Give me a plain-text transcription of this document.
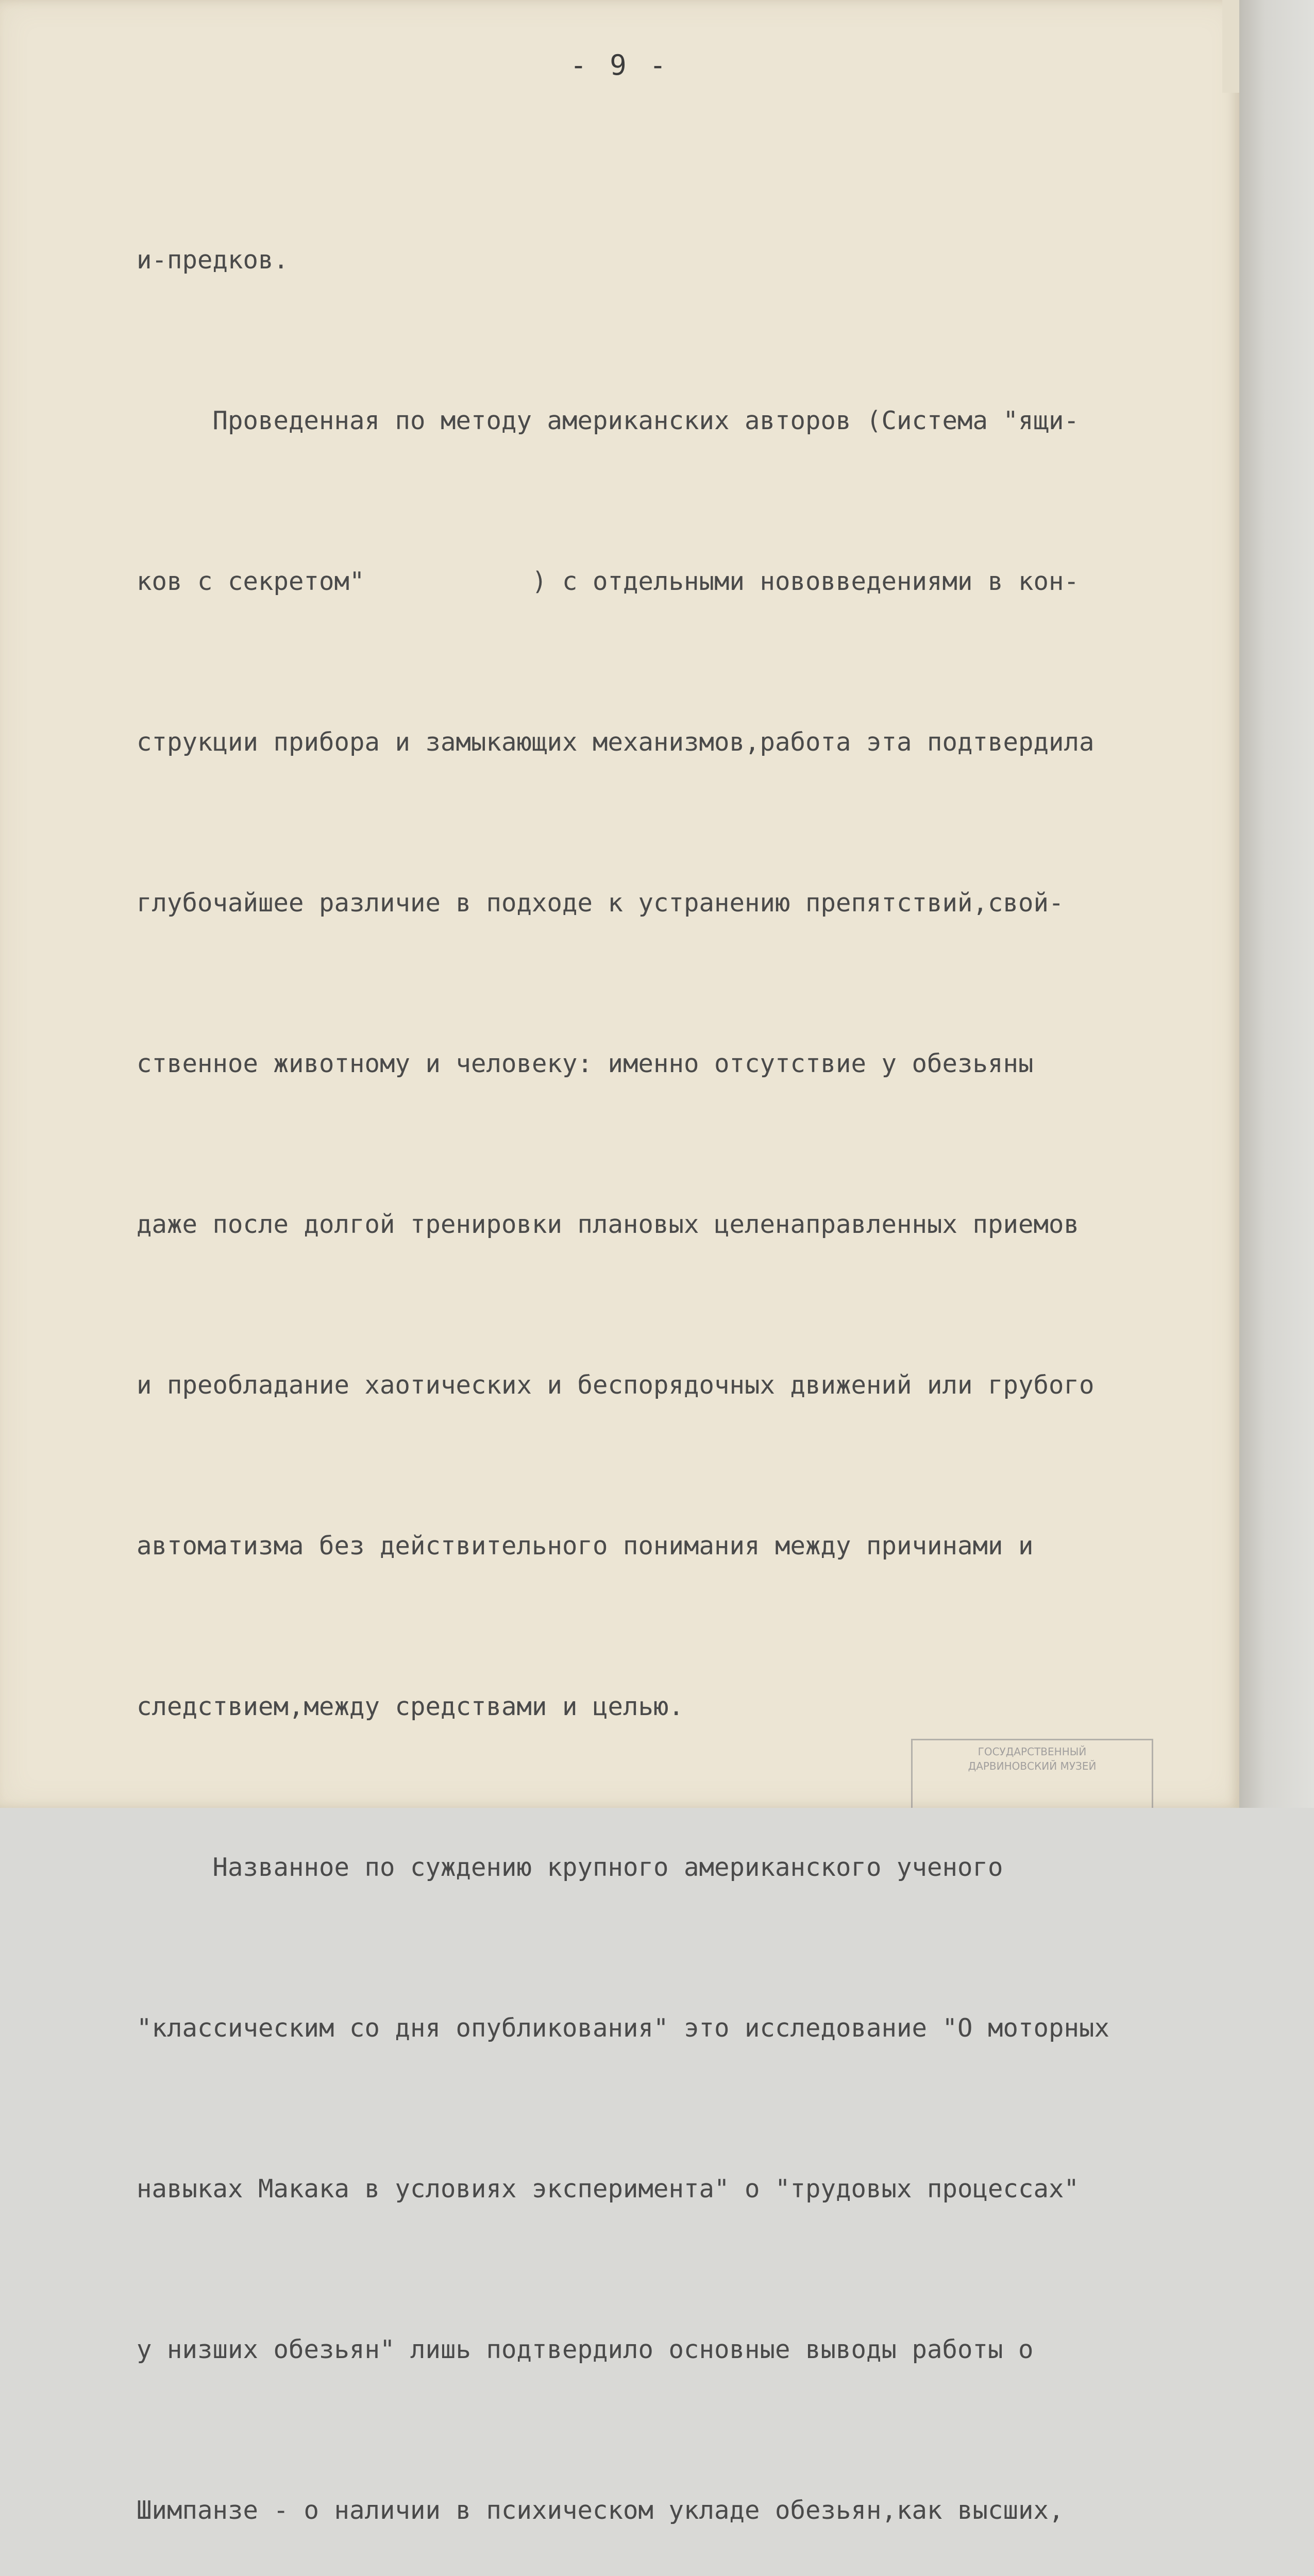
- 9 -

и-предков.

Проведенная по методу американских авторов (Система "ящи-

ков с секретом"           ) с отдельными нововведениями в кон-

струкции прибора и замыкающих механизмов,работа эта подтвердила

глубочайшее различие в подходе к устранению препятствий,свой-

ственное животному и человеку: именно отсутствие у обезьяны

даже после долгой тренировки плановых целенаправленных приемов

и преобладание хаотических и беспорядочных движений или грубого

автоматизма без действительного понимания между причинами и

следствием,между средствами и целью.

Названное по суждению крупного американского ученого

"классическим со дня опубликования" это исследование "О моторных

навыках Макака в условиях эксперимента" о "трудовых процессах"

у низших обезьян" лишь подтвердило основные выводы работы о

Шимпанзе - о наличии в психическом укладе обезьян,как высших,

ГОСУДАРСТВЕННЫЙ
ДАРВИНОВСКИЙ МУЗЕЙ
